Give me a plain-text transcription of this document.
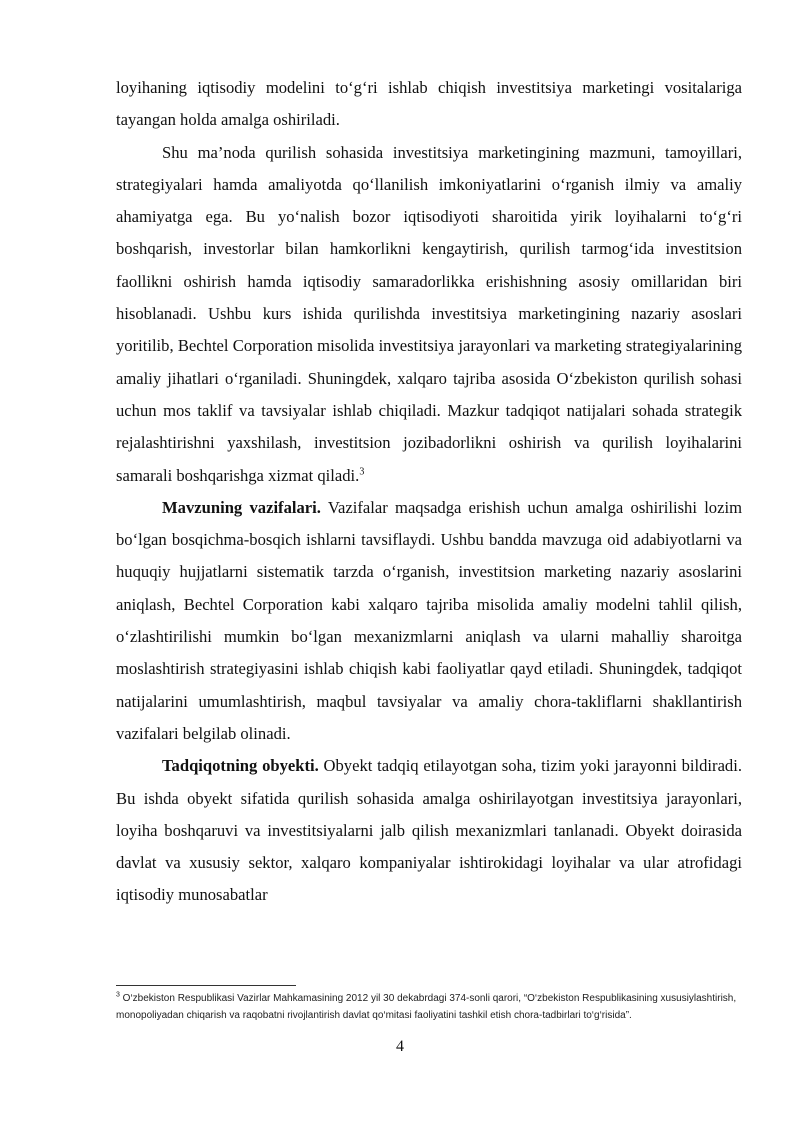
loyihaning iqtisodiy modelini to‘g‘ri ishlab chiqish investitsiya marketingi vositalariga tayangan holda amalga oshiriladi.

Shu ma’noda qurilish sohasida investitsiya marketingining mazmuni, tamoyillari, strategiyalari hamda amaliyotda qo‘llanilish imkoniyatlarini o‘rganish ilmiy va amaliy ahamiyatga ega. Bu yo‘nalish bozor iqtisodiyoti sharoitida yirik loyihalarni to‘g‘ri boshqarish, investorlar bilan hamkorlikni kengaytirish, qurilish tarmog‘ida investitsion faollikni oshirish hamda iqtisodiy samaradorlikka erishishning asosiy omillaridan biri hisoblanadi. Ushbu kurs ishida qurilishda investitsiya marketingining nazariy asoslari yoritilib, Bechtel Corporation misolida investitsiya jarayonlari va marketing strategiyalarining amaliy jihatlari o‘rganiladi. Shuningdek, xalqaro tajriba asosida O‘zbekiston qurilish sohasi uchun mos taklif va tavsiyalar ishlab chiqiladi. Mazkur tadqiqot natijalari sohada strategik rejalashtirishni yaxshilash, investitsion jozibadorlikni oshirish va qurilish loyihalarini samarali boshqarishga xizmat qiladi.$^3$

Mavzuning vazifalari. Vazifalar maqsadga erishish uchun amalga oshirilishi lozim bo‘lgan bosqichma-bosqich ishlarni tavsiflaydi. Ushbu bandda mavzuga oid adabiyotlarni va huquqiy hujjatlarni sistematik tarzda o‘rganish, investitsion marketing nazariy asoslarini aniqlash, Bechtel Corporation kabi xalqaro tajriba misolida amaliy modelni tahlil qilish, o‘zlashtirilishi mumkin bo‘lgan mexanizmlarni aniqlash va ularni mahalliy sharoitga moslashtirish strategiyasini ishlab chiqish kabi faoliyatlar qayd etiladi. Shuningdek, tadqiqot natijalarini umumlashtirish, maqbul tavsiyalar va amaliy chora-takliflarni shakllantirish vazifalari belgilab olinadi.

Tadqiqotning obyekti. Obyekt tadqiq etilayotgan soha, tizim yoki jarayonni bildiradi. Bu ishda obyekt sifatida qurilish sohasida amalga oshirilayotgan investitsiya jarayonlari, loyiha boshqaruvi va investitsiyalarni jalb qilish mexanizmlari tanlanadi. Obyekt doirasida davlat va xususiy sektor, xalqaro kompaniyalar ishtirokidagi loyihalar va ular atrofidagi iqtisodiy munosabatlar

$^3$ O‘zbekiston Respublikasi Vazirlar Mahkamasining 2012 yil 30 dekabrdagi 374-sonli qarori, “O‘zbekiston Respublikasining xususiylashtirish, monopoliyadan chiqarish va raqobatni rivojlantirish davlat qo‘mitasi faoliyatini tashkil etish chora-tadbirlari to‘g‘risida”.
4
